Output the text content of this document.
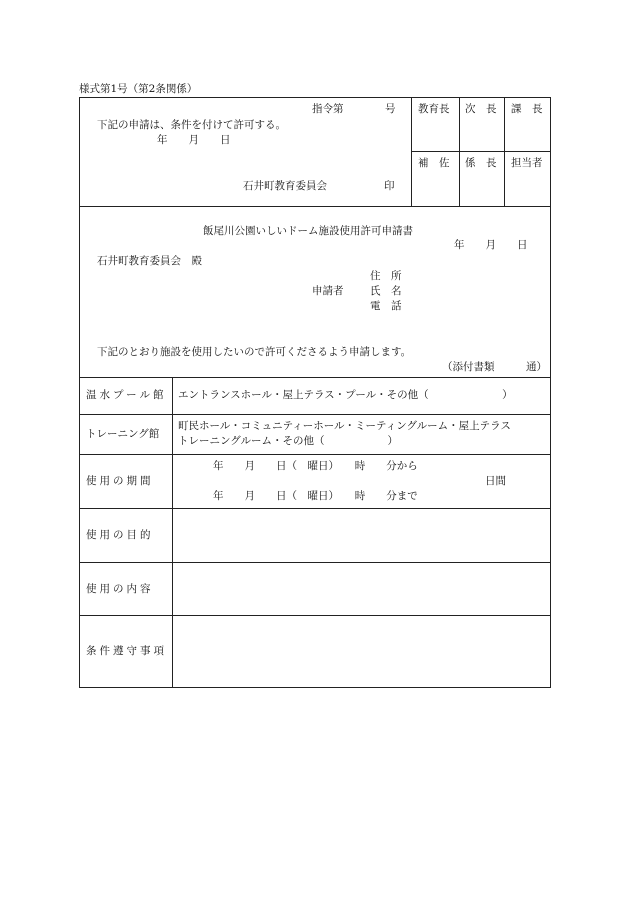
様式第1号（第2条関係）
指令第	号
下記の申請は、条件を付けて許可する。
年　　月　　日
石井町教育委員会	印
教育長 次　長 課　長
補　佐 係　長 担当者
飯尾川公園いしいドーム施設使用許可申請書
年　　月　　日
石井町教育委員会　殿
申請者
住　所
氏　名
電　話
下記のとおり施設を使用したいので許可くださるよう申請します。
（添付書類　　　通）
温水プール館 エントランスホール・屋上テラス・プール・その他（　　　　　　　）
トレーニング館
町民ホール・コミュニティーホール・ミーティングルーム・屋上テラス
トレーニングルーム・その他（　　　　　　）
使用の期間
年　　月　　日（　曜日）　　時　　分から
日間
年　　月　　日（　曜日）　　時　　分まで
使用の目的
使用の内容
条件遵守事項
